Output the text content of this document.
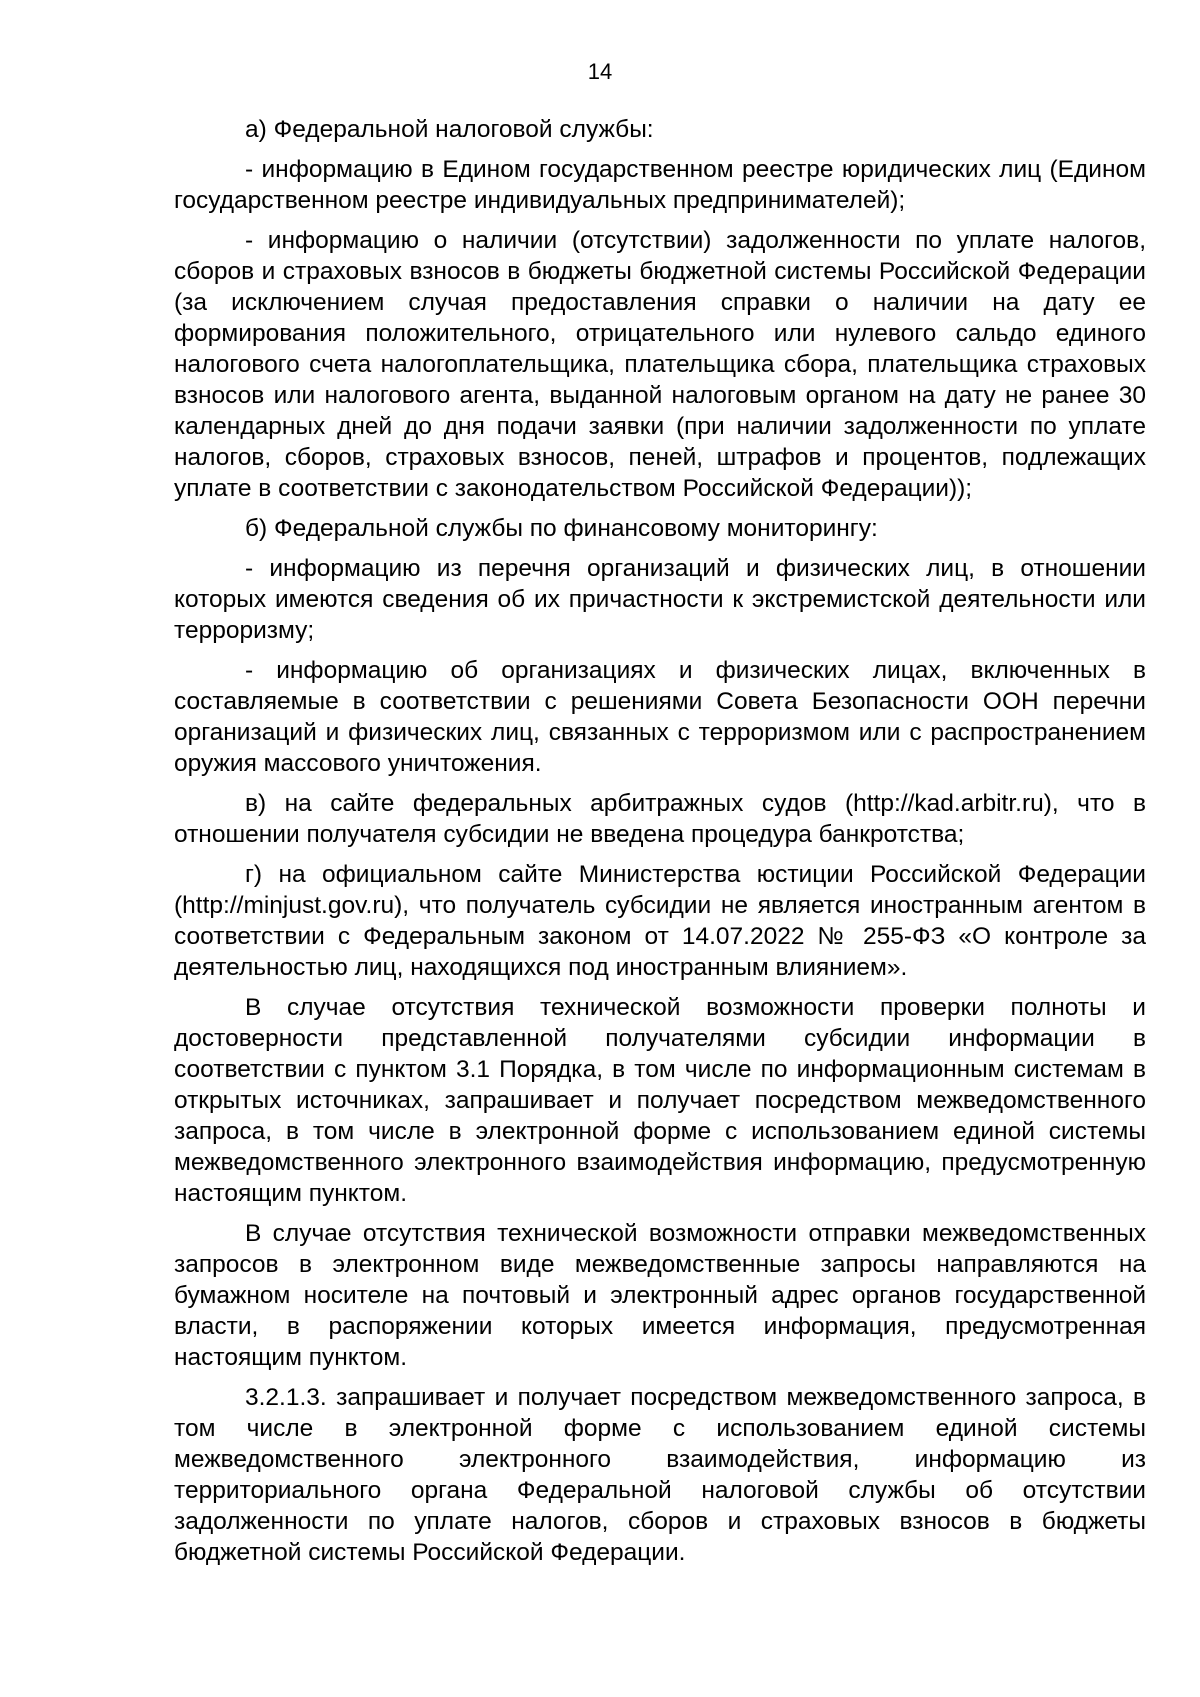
14

а) Федеральной налоговой службы:

- информацию в Едином государственном реестре юридических лиц (Едином государственном реестре индивидуальных предпринимателей);

- информацию о наличии (отсутствии) задолженности по уплате налогов, сборов и страховых взносов в бюджеты бюджетной системы Российской Федерации (за исключением случая предоставления справки о наличии на дату ее формирования положительного, отрицательного или нулевого сальдо единого налогового счета налогоплательщика, плательщика сбора, плательщика страховых взносов или налогового агента, выданной налоговым органом на дату не ранее 30 календарных дней до дня подачи заявки (при наличии задолженности по уплате налогов, сборов, страховых взносов, пеней, штрафов и процентов, подлежащих уплате в соответствии с законодательством Российской Федерации));

б) Федеральной службы по финансовому мониторингу:

- информацию из перечня организаций и физических лиц, в отношении которых имеются сведения об их причастности к экстремистской деятельности или терроризму;

- информацию об организациях и физических лицах, включенных в составляемые в соответствии с решениями Совета Безопасности ООН перечни организаций и физических лиц, связанных с терроризмом или с распространением оружия массового уничтожения.

в) на сайте федеральных арбитражных судов (http://kad.arbitr.ru), что в отношении получателя субсидии не введена процедура банкротства;

г) на официальном сайте Министерства юстиции Российской Федерации (http://minjust.gov.ru), что получатель субсидии не является иностранным агентом в соответствии с Федеральным законом от 14.07.2022 № 255-ФЗ «О контроле за деятельностью лиц, находящихся под иностранным влиянием».

В случае отсутствия технической возможности проверки полноты и достоверности представленной получателями субсидии информации в соответствии с пунктом 3.1 Порядка, в том числе по информационным системам в открытых источниках, запрашивает и получает посредством межведомственного запроса, в том числе в электронной форме с использованием единой системы межведомственного электронного взаимодействия информацию, предусмотренную настоящим пунктом.

В случае отсутствия технической возможности отправки межведомственных запросов в электронном виде межведомственные запросы направляются на бумажном носителе на почтовый и электронный адрес органов государственной власти, в распоряжении которых имеется информация, предусмотренная настоящим пунктом.

3.2.1.3. запрашивает и получает посредством межведомственного запроса, в том числе в электронной форме с использованием единой системы межведомственного электронного взаимодействия, информацию из территориального органа Федеральной налоговой службы об отсутствии задолженности по уплате налогов, сборов и страховых взносов в бюджеты бюджетной системы Российской Федерации.
